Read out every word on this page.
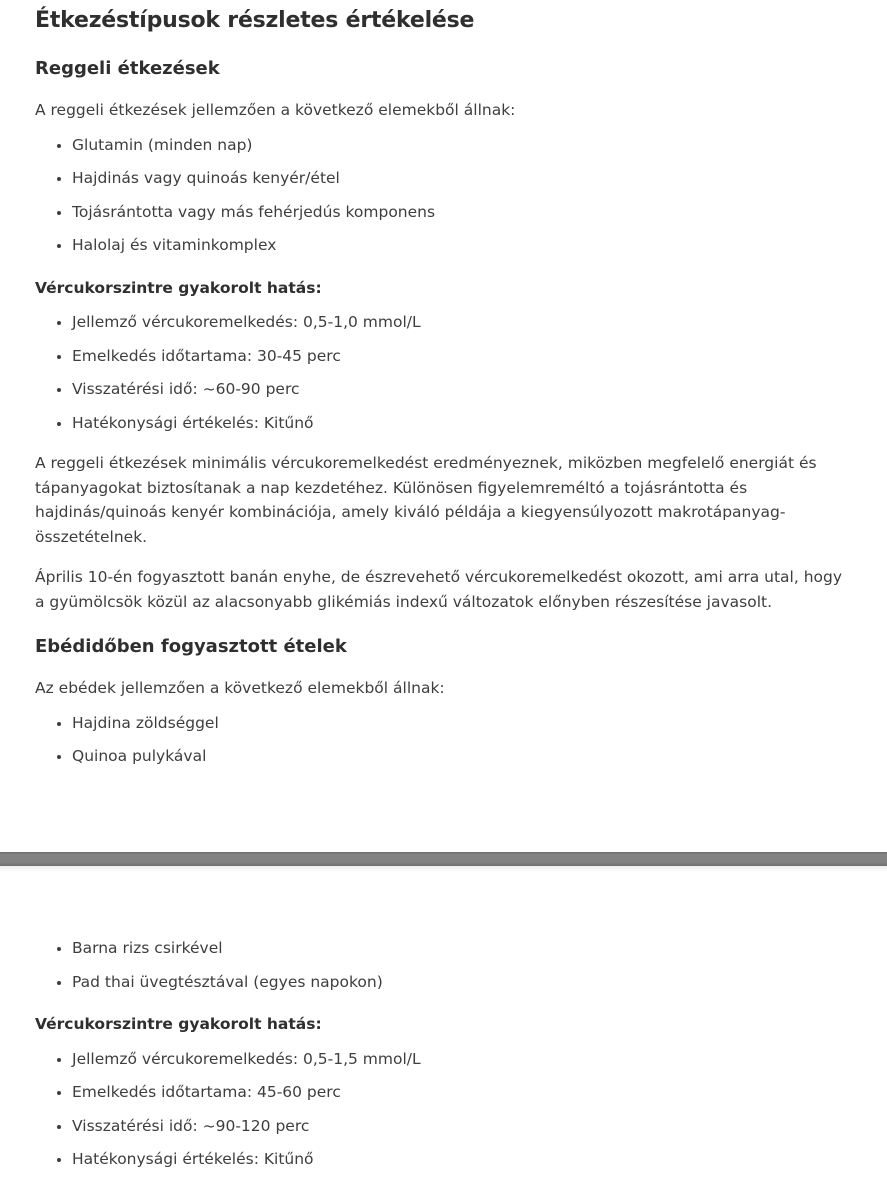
Étkezéstípusok részletes értékelése
Reggeli étkezések

A reggeli étkezések jellemzően a következő elemekből állnak:

• Glutamin (minden nap)
• Hajdinás vagy quinoás kenyér/étel
• Tojásrántotta vagy más fehérjedús komponens
• Halolaj és vitaminkomplex

Vércukorszintre gyakorolt hatás:

• Jellemző vércukoremelkedés: 0,5-1,0 mmol/L
• Emelkedés időtartama: 30-45 perc
• Visszatérési idő: ~60-90 perc
• Hatékonysági értékelés: Kitűnő

A reggeli étkezések minimális vércukoremelkedést eredményeznek, miközben megfelelő energiát és tápanyagokat biztosítanak a nap kezdetéhez. Különösen figyelemreméltó a tojásrántotta és hajdinás/quinoás kenyér kombinációja, amely kiváló példája a kiegyensúlyozott makrotápanyag-összetételnek.

Április 10-én fogyasztott banán enyhe, de észrevehető vércukoremelkedést okozott, ami arra utal, hogy a gyümölcsök közül az alacsonyabb glikémiás indexű változatok előnyben részesítése javasolt.

Ebédidőben fogyasztott ételek

Az ebédek jellemzően a következő elemekből állnak:

• Hajdina zöldséggel
• Quinoa pulykával
• Barna rizs csirkével
• Pad thai üvegtésztával (egyes napokon)

Vércukorszintre gyakorolt hatás:

• Jellemző vércukoremelkedés: 0,5-1,5 mmol/L
• Emelkedés időtartama: 45-60 perc
• Visszatérési idő: ~90-120 perc
• Hatékonysági értékelés: Kitűnő
